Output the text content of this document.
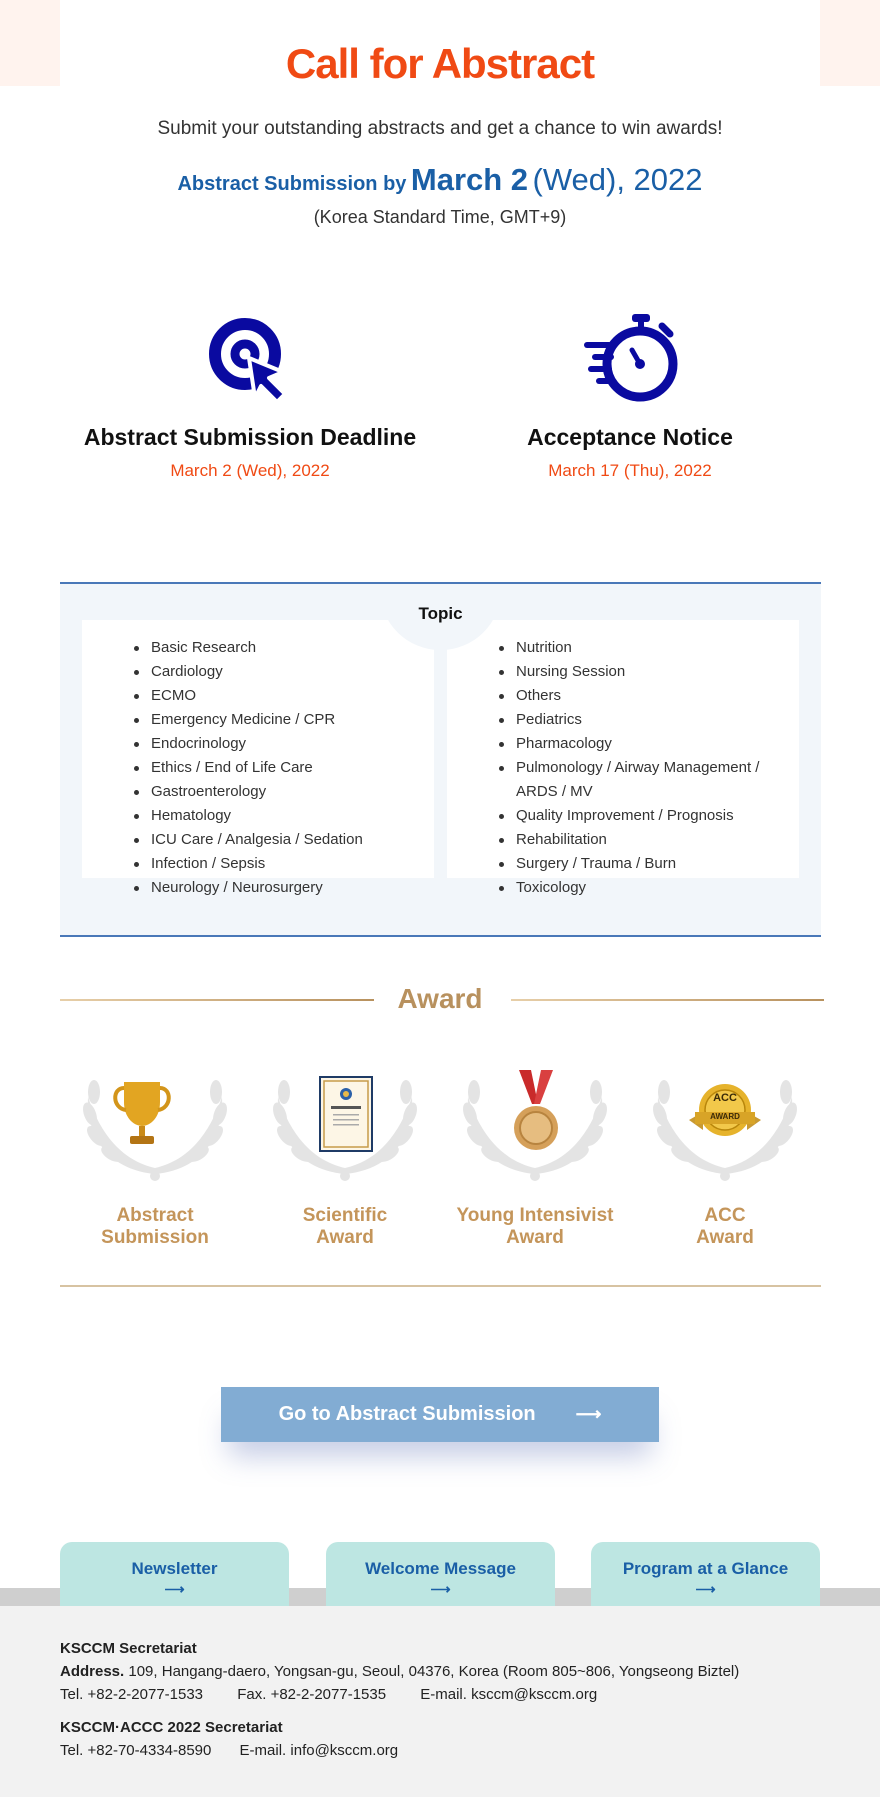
Call for Abstract
Submit your outstanding abstracts and get a chance to win awards!
Abstract Submission by March 2 (Wed), 2022
(Korea Standard Time, GMT+9)
Abstract Submission Deadline
March 2 (Wed), 2022
Acceptance Notice
March 17 (Thu), 2022
Basic Research
Cardiology
ECMO
Emergency Medicine / CPR
Endocrinology
Ethics / End of Life Care
Gastroenterology
Hematology
ICU Care / Analgesia / Sedation
Infection / Sepsis
Neurology / Neurosurgery
Nutrition
Nursing Session
Others
Pediatrics
Pharmacology
Pulmonology / Airway Management / ARDS / MV
Quality Improvement / Prognosis
Rehabilitation
Surgery / Trauma / Burn
Toxicology
Topic
Award
Abstract
Submission
Scientific
Award
Young Intensivist
Award
ACC
AWARD
ACC
Award
Go to Abstract Submission ⟶
KSCCM Secretariat
Address. 109, Hangang-daero, Yongsan-gu, Seoul, 04376, Korea (Room 805~806, Yongseong Biztel)
Tel. +82-2-2077-1533 Fax. +82-2-2077-1535 E-mail. ksccm@ksccm.org
KSCCM·ACCC 2022 Secretariat
Tel. +82-70-4334-8590 E-mail. info@ksccm.org
Newsletter
⟶
Welcome Message
⟶
Program at a Glance
⟶
